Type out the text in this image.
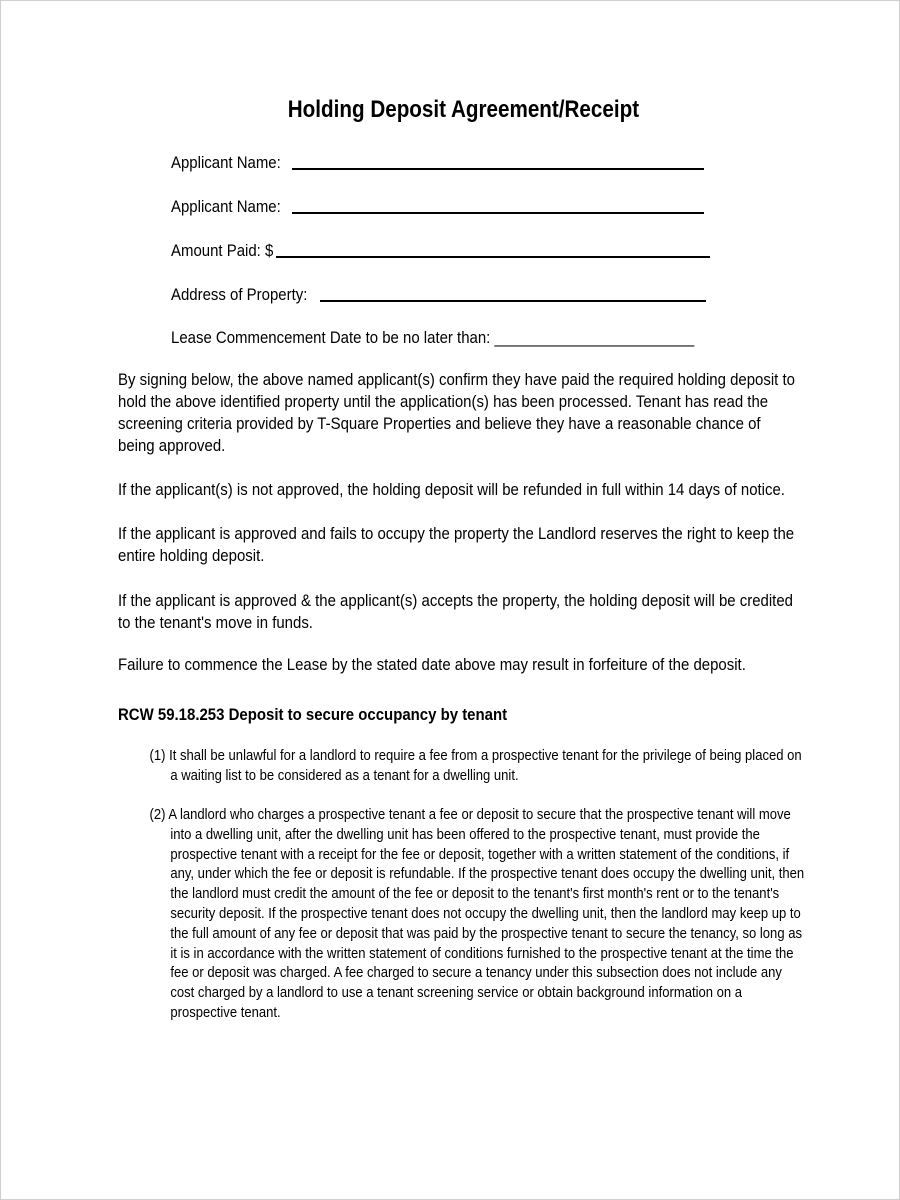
Holding Deposit Agreement/Receipt
Applicant Name:
Applicant Name:
Amount Paid: $
Address of Property:
Lease Commencement Date to be no later than: ________________________
By signing below, the above named applicant(s) confirm they have paid the required holding deposit to hold the above identified property until the application(s) has been processed. Tenant has read the screening criteria provided by T-Square Properties and believe they have a reasonable chance of being approved.
If the applicant(s) is not approved, the holding deposit will be refunded in full within 14 days of notice.
If the applicant is approved and fails to occupy the property the Landlord reserves the right to keep the entire holding deposit.
If the applicant is approved & the applicant(s) accepts the property, the holding deposit will be credited to the tenant's move in funds.
Failure to commence the Lease by the stated date above may result in forfeiture of the deposit.
RCW 59.18.253 Deposit to secure occupancy by tenant
(1) It shall be unlawful for a landlord to require a fee from a prospective tenant for the privilege of being placed on a waiting list to be considered as a tenant for a dwelling unit.
(2) A landlord who charges a prospective tenant a fee or deposit to secure that the prospective tenant will move into a dwelling unit, after the dwelling unit has been offered to the prospective tenant, must provide the prospective tenant with a receipt for the fee or deposit, together with a written statement of the conditions, if any, under which the fee or deposit is refundable. If the prospective tenant does occupy the dwelling unit, then the landlord must credit the amount of the fee or deposit to the tenant's first month's rent or to the tenant's security deposit. If the prospective tenant does not occupy the dwelling unit, then the landlord may keep up to the full amount of any fee or deposit that was paid by the prospective tenant to secure the tenancy, so long as it is in accordance with the written statement of conditions furnished to the prospective tenant at the time the fee or deposit was charged. A fee charged to secure a tenancy under this subsection does not include any cost charged by a landlord to use a tenant screening service or obtain background information on a prospective tenant.
